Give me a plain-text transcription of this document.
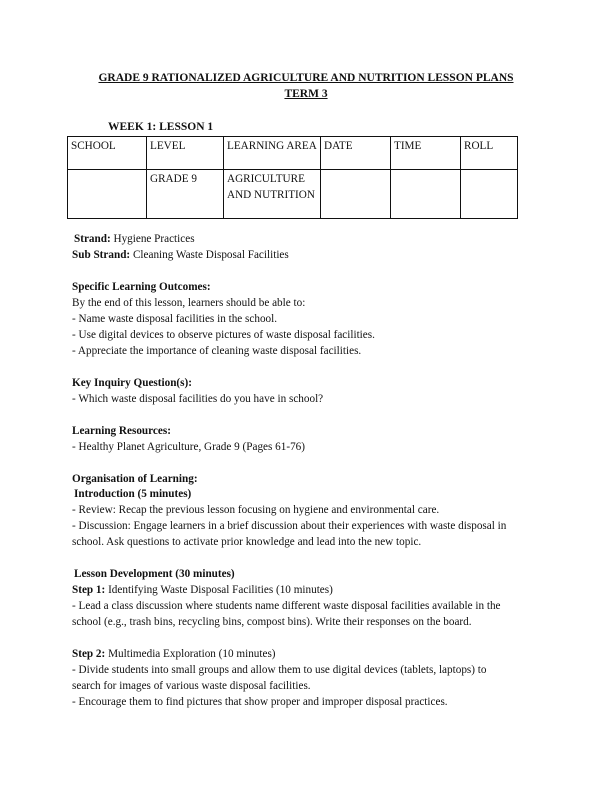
GRADE 9 RATIONALIZED AGRICULTURE AND NUTRITION LESSON PLANS
TERM 3
WEEK 1: LESSON 1
SCHOOL	LEVEL	LEARNING AREA	DATE	TIME	ROLL
	GRADE 9	AGRICULTURE AND NUTRITION			
Strand: Hygiene Practices
Sub Strand: Cleaning Waste Disposal Facilities
Specific Learning Outcomes:
By the end of this lesson, learners should be able to:
- Name waste disposal facilities in the school.
- Use digital devices to observe pictures of waste disposal facilities.
- Appreciate the importance of cleaning waste disposal facilities.
Key Inquiry Question(s):
- Which waste disposal facilities do you have in school?
Learning Resources:
- Healthy Planet Agriculture, Grade 9 (Pages 61-76)
Organisation of Learning:
Introduction (5 minutes)
- Review: Recap the previous lesson focusing on hygiene and environmental care.
- Discussion: Engage learners in a brief discussion about their experiences with waste disposal in
school. Ask questions to activate prior knowledge and lead into the new topic.
Lesson Development (30 minutes)
Step 1: Identifying Waste Disposal Facilities (10 minutes)
- Lead a class discussion where students name different waste disposal facilities available in the
school (e.g., trash bins, recycling bins, compost bins). Write their responses on the board.
Step 2: Multimedia Exploration (10 minutes)
- Divide students into small groups and allow them to use digital devices (tablets, laptops) to
search for images of various waste disposal facilities.
- Encourage them to find pictures that show proper and improper disposal practices.
